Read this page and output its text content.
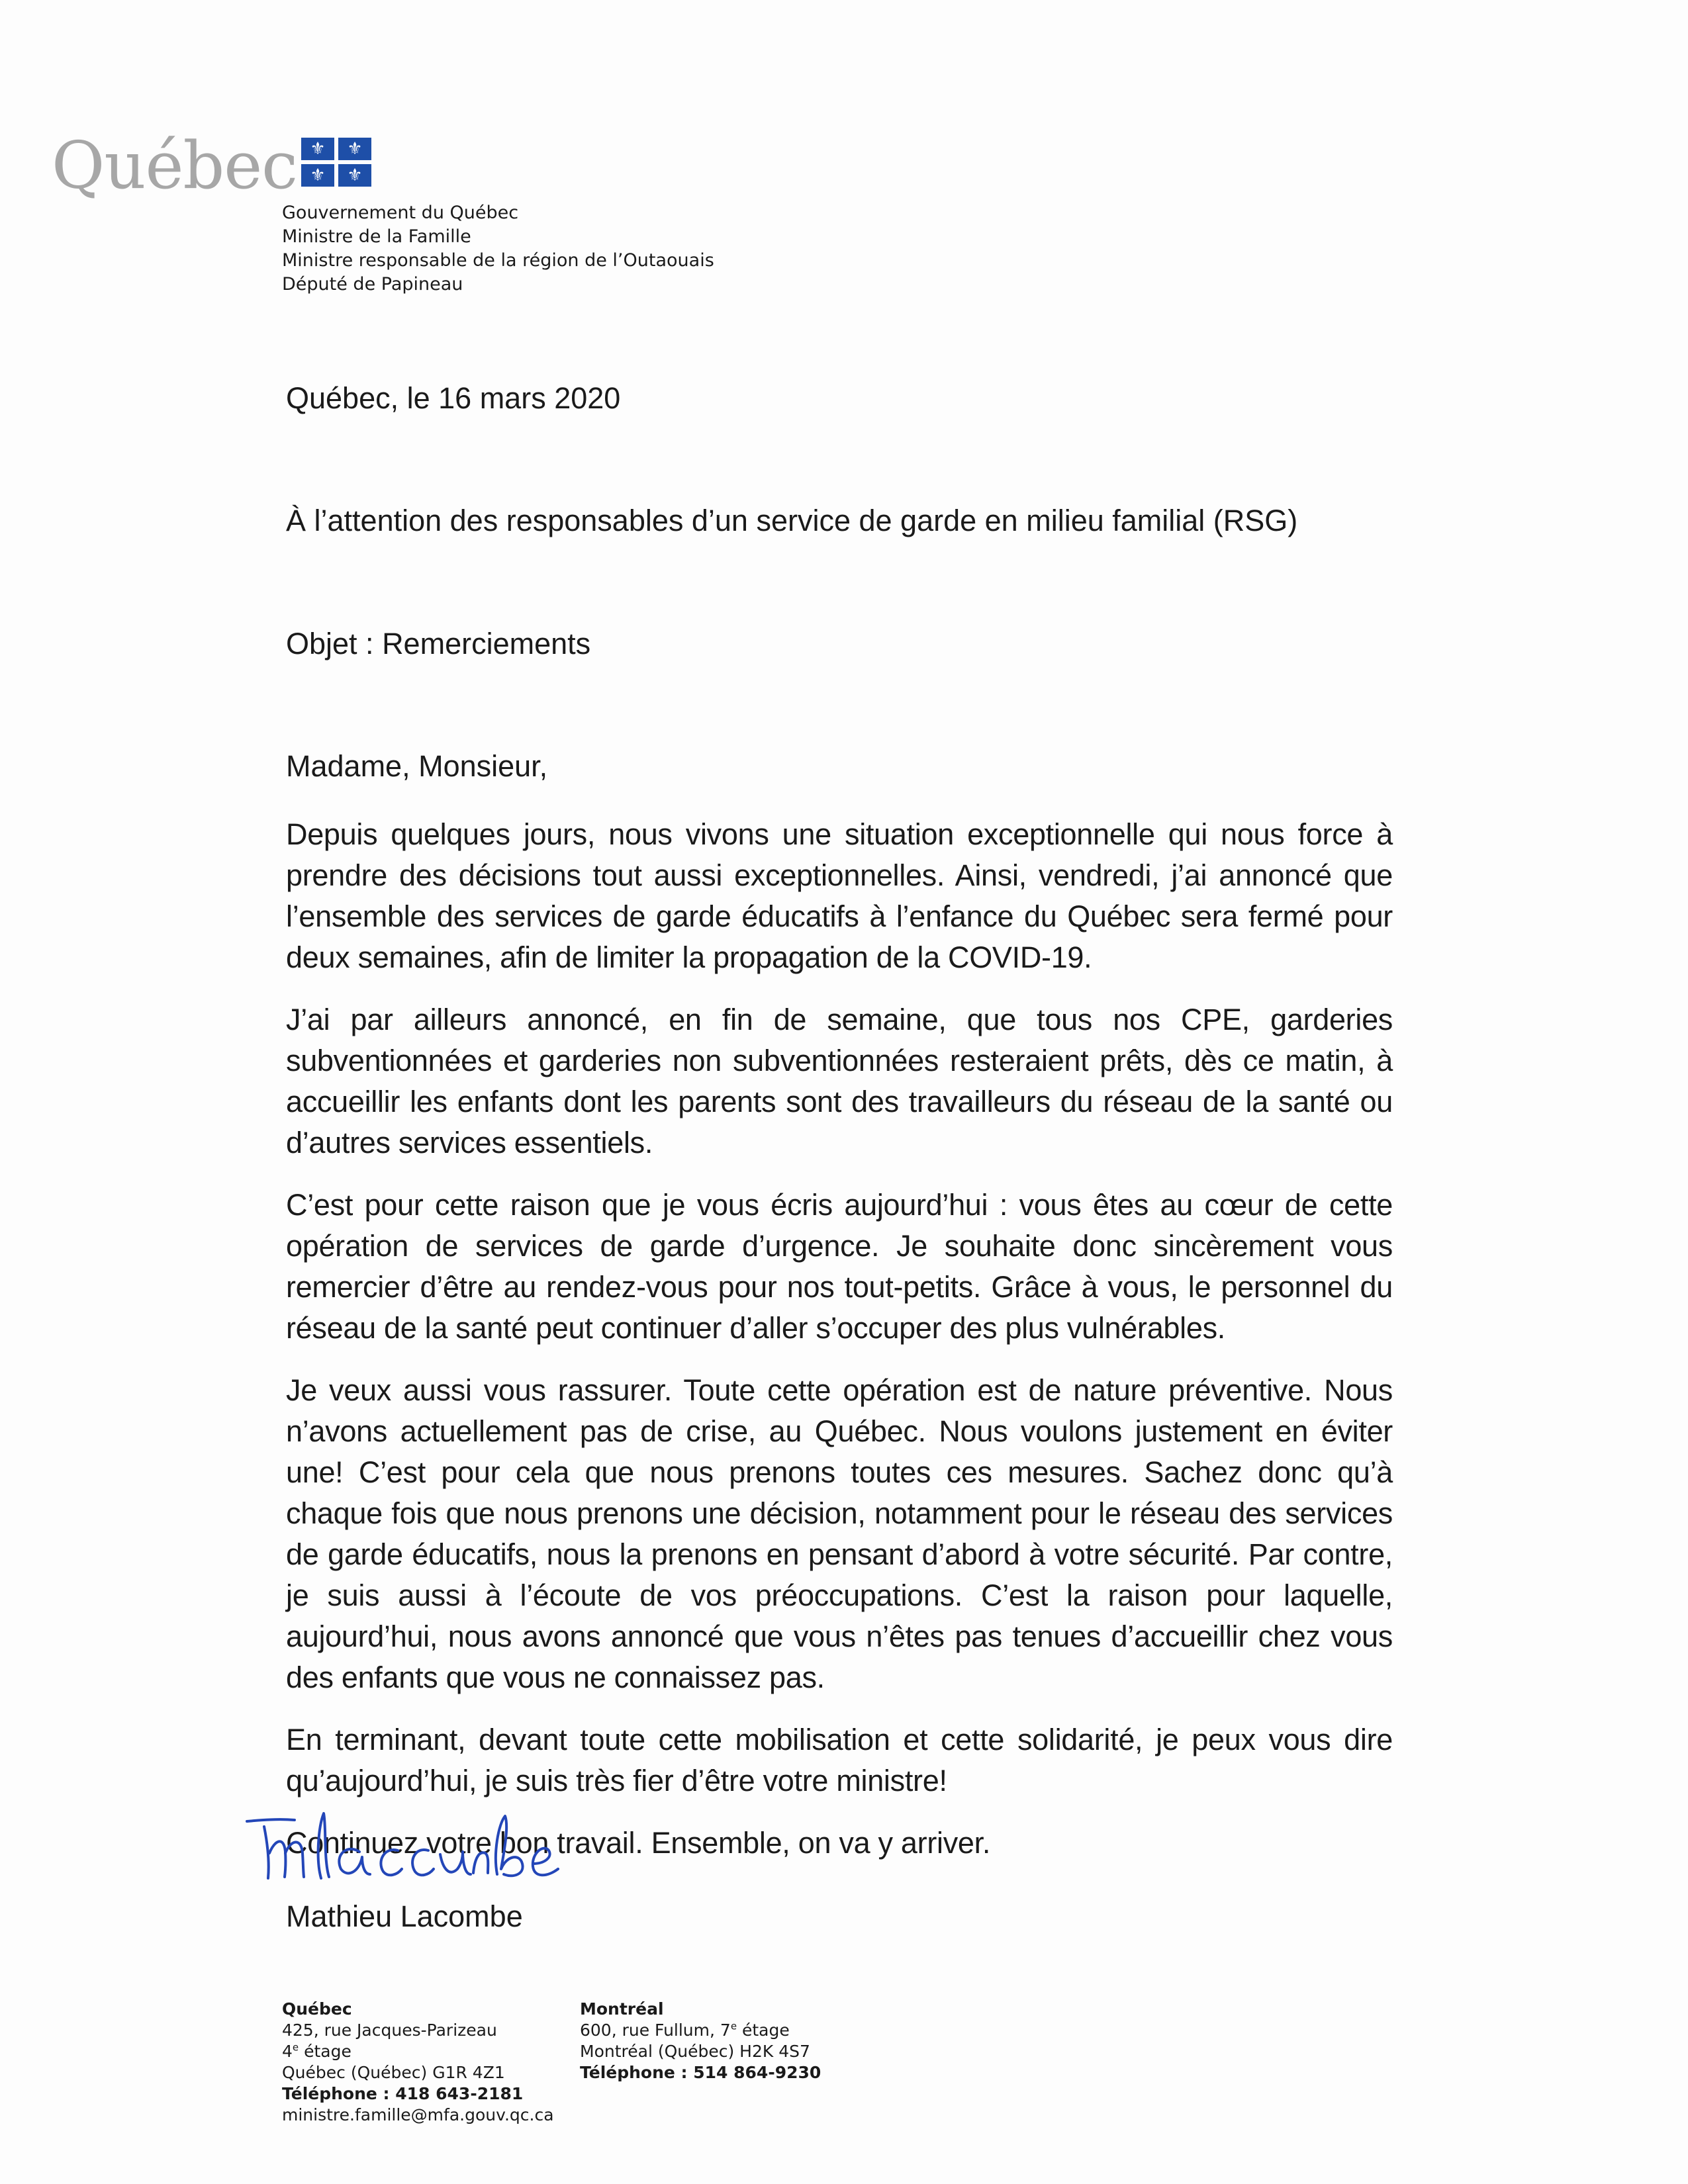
Québec ⚜	⚜
⚜	⚜
Gouvernement du Québec
Ministre de la Famille
Ministre responsable de la région de l’Outaouais
Député de Papineau
Québec, le 16 mars 2020
À l’attention des responsables d’un service de garde en milieu familial (RSG)
Objet : Remerciements
Madame, Monsieur,

Depuis quelques jours, nous vivons une situation exceptionnelle qui nous force à prendre des décisions tout aussi exceptionnelles. Ainsi, vendredi, j’ai annoncé que l’ensemble des services de garde éducatifs à l’enfance du Québec sera fermé pour deux semaines, afin de limiter la propagation de la COVID-19.

J’ai par ailleurs annoncé, en fin de semaine, que tous nos CPE, garderies subventionnées et garderies non subventionnées resteraient prêts, dès ce matin, à accueillir les enfants dont les parents sont des travailleurs du réseau de la santé ou d’autres services essentiels.

C’est pour cette raison que je vous écris aujourd’hui : vous êtes au cœur de cette opération de services de garde d’urgence. Je souhaite donc sincèrement vous remercier d’être au rendez-vous pour nos tout-petits. Grâce à vous, le personnel du réseau de la santé peut continuer d’aller s’occuper des plus vulnérables.

Je veux aussi vous rassurer. Toute cette opération est de nature préventive. Nous n’avons actuellement pas de crise, au Québec. Nous voulons justement en éviter une! C’est pour cela que nous prenons toutes ces mesures. Sachez donc qu’à chaque fois que nous prenons une décision, notamment pour le réseau des services de garde éducatifs, nous la prenons en pensant d’abord à votre sécurité. Par contre, je suis aussi à l’écoute de vos préoccupations. C’est la raison pour laquelle, aujourd’hui, nous avons annoncé que vous n’êtes pas tenues d’accueillir chez vous des enfants que vous ne connaissez pas.

En terminant, devant toute cette mobilisation et cette solidarité, je peux vous dire qu’aujourd’hui, je suis très fier d’être votre ministre!

Continuez votre bon travail. Ensemble, on va y arriver.

Mathieu Lacombe
Québec
425, rue Jacques-Parizeau
4e étage
Québec (Québec) G1R 4Z1
Téléphone : 418 643-2181
ministre.famille@mfa.gouv.qc.ca
Montréal
600, rue Fullum, 7e étage
Montréal (Québec) H2K 4S7
Téléphone : 514 864-9230
